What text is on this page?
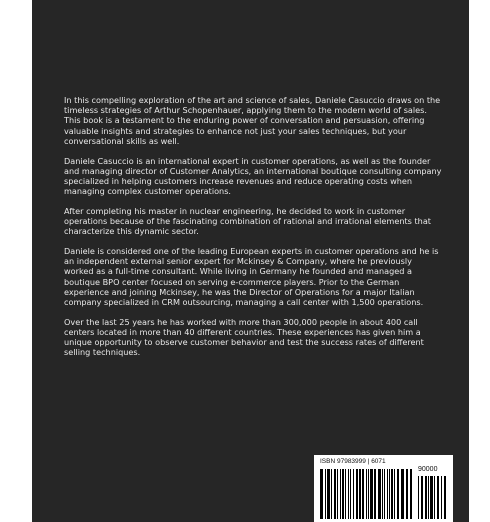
In this compelling exploration of the art and science of sales, Daniele Casuccio draws on the timeless strategies of Arthur Schopenhauer, applying them to the modern world of sales. This book is a testament to the enduring power of conversation and persuasion, offering valuable insights and strategies to enhance not just your sales techniques, but your conversational skills as well.

Daniele Casuccio is an international expert in customer operations, as well as the founder and managing director of Customer Analytics, an international boutique consulting company specialized in helping customers increase revenues and reduce operating costs when managing complex customer operations.

After completing his master in nuclear engineering, he decided to work in customer operations because of the fascinating combination of rational and irrational elements that characterize this dynamic sector.

Daniele is considered one of the leading European experts in customer operations and he is an independent external senior expert for Mckinsey & Company, where he previously worked as a full-time consultant. While living in Germany he founded and managed a boutique BPO center focused on serving e-commerce players. Prior to the German experience and joining Mckinsey, he was the Director of Operations for a major Italian company specialized in CRM outsourcing, managing a call center with 1,500 operations.

Over the last 25 years he has worked with more than 300,000 people in about 400 call centers located in more than 40 different countries. These experiences has given him a unique opportunity to observe customer behavior and test the success rates of different selling techniques.

ISBN 97983999 | 6071
90000
